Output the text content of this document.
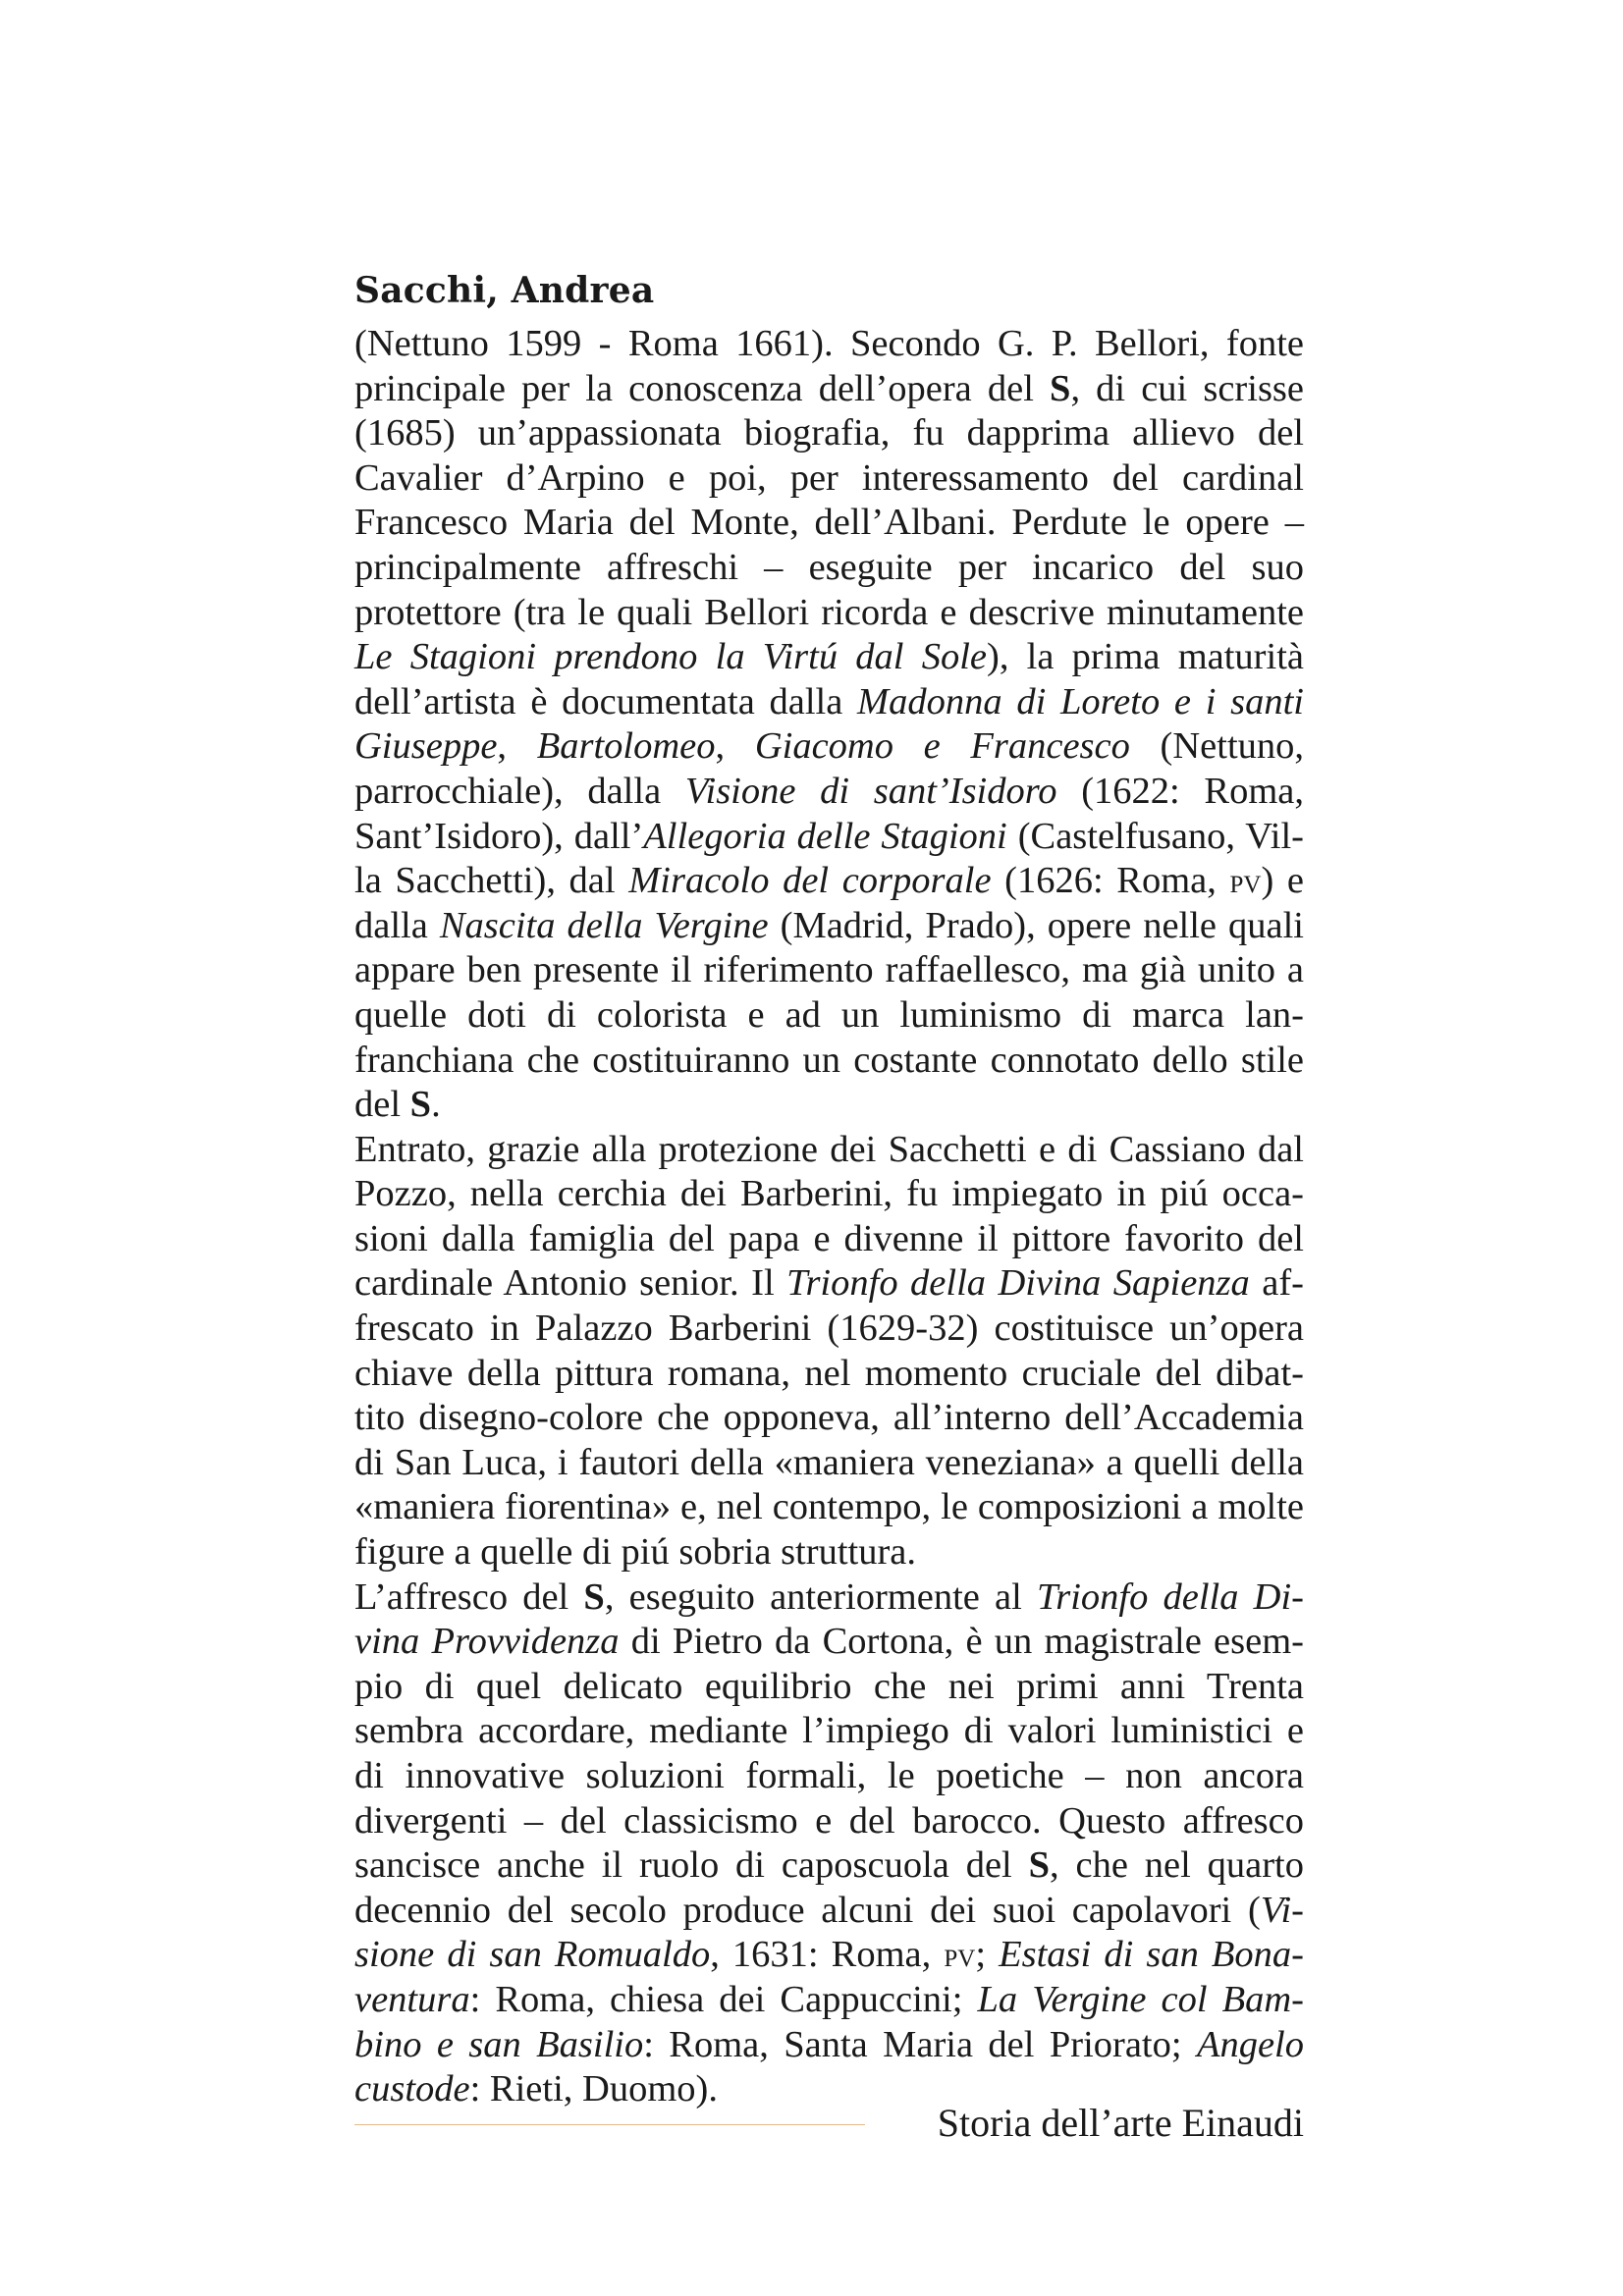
Sacchi, Andrea

(Nettuno 1599 - Roma 1661). Secondo G. P. Bellori, fonte principale per la conoscenza dell’opera del S, di cui scrisse (1685) un’appassionata biografia, fu dapprima allievo del Cavalier d’Arpino e poi, per interessamento del cardinal Francesco Maria del Monte, dell’Albani. Perdute le opere – principalmente affreschi – eseguite per incarico del suo protettore (tra le quali Bellori ricorda e descrive minutamente Le Stagioni prendono la Virtú dal Sole), la prima maturità dell’artista è documentata dalla Madonna di Loreto e i santi Giuseppe, Bartolomeo, Giacomo e Francesco (Nettuno, parrocchiale), dalla Visione di sant’Isidoro (1622: Roma, Sant’Isidoro), dall’Allegoria delle Stagioni (Castelfusano, Villa Sacchetti), dal Miracolo del corporale (1626: Roma, pv) e dalla Nascita della Vergine (Madrid, Prado), opere nelle quali appare ben presente il riferimento raffaellesco, ma già unito a quelle doti di colorista e ad un luminismo di marca lanfranchiana che costituiranno un costante connotato dello stile del S.

Entrato, grazie alla protezione dei Sacchetti e di Cassiano dal Pozzo, nella cerchia dei Barberini, fu impiegato in piú occasioni dalla famiglia del papa e divenne il pittore favorito del cardinale Antonio senior. Il Trionfo della Divina Sapienza affrescato in Palazzo Barberini (1629-32) costituisce un’opera chiave della pittura romana, nel momento cruciale del dibattito disegno-colore che opponeva, all’interno dell’Accademia di San Luca, i fautori della «maniera veneziana» a quelli della «maniera fiorentina» e, nel contempo, le composizioni a molte figure a quelle di piú sobria struttura.

L’affresco del S, eseguito anteriormente al Trionfo della Divina Provvidenza di Pietro da Cortona, è un magistrale esempio di quel delicato equilibrio che nei primi anni Trenta sembra accordare, mediante l’impiego di valori luministici e di innovative soluzioni formali, le poetiche – non ancora divergenti – del classicismo e del barocco. Questo affresco sancisce anche il ruolo di caposcuola del S, che nel quarto decennio del secolo produce alcuni dei suoi capolavori (Visione di san Romualdo, 1631: Roma, pv; Estasi di san Bonaventura: Roma, chiesa dei Cappuccini; La Vergine col Bambino e san Basilio: Roma, Santa Maria del Priorato; Angelo custode: Rieti, Duomo).

Storia dell’arte Einaudi
